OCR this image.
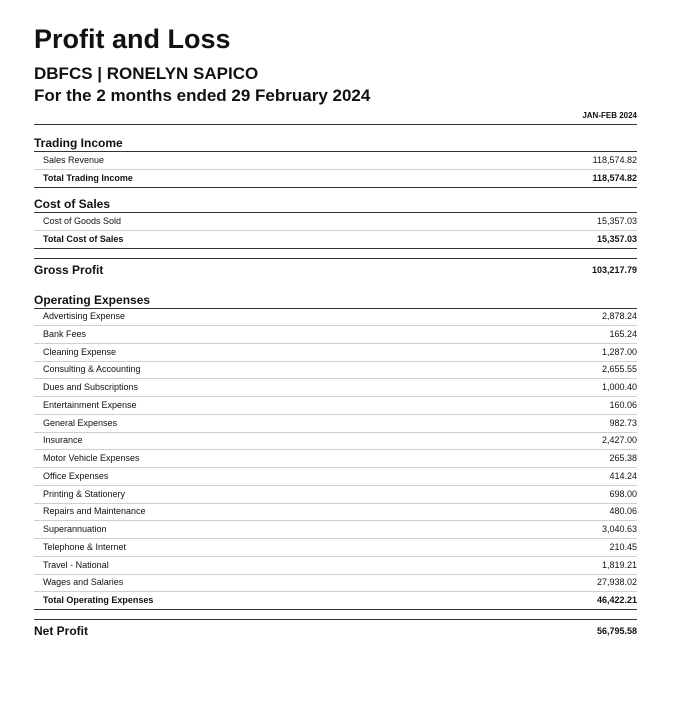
Profit and Loss
DBFCS | RONELYN SAPICO
For the 2 months ended 29 February 2024
JAN-FEB 2024
Trading Income
Sales Revenue	118,574.82
Total Trading Income	118,574.82
Cost of Sales
Cost of Goods Sold	15,357.03
Total Cost of Sales	15,357.03
Gross Profit	103,217.79
Operating Expenses
Advertising Expense	2,878.24
Bank Fees	165.24
Cleaning Expense	1,287.00
Consulting & Accounting	2,655.55
Dues and Subscriptions	1,000.40
Entertainment Expense	160.06
General Expenses	982.73
Insurance	2,427.00
Motor Vehicle Expenses	265.38
Office Expenses	414.24
Printing & Stationery	698.00
Repairs and Maintenance	480.06
Superannuation	3,040.63
Telephone & Internet	210.45
Travel - National	1,819.21
Wages and Salaries	27,938.02
Total Operating Expenses	46,422.21
Net Profit	56,795.58
